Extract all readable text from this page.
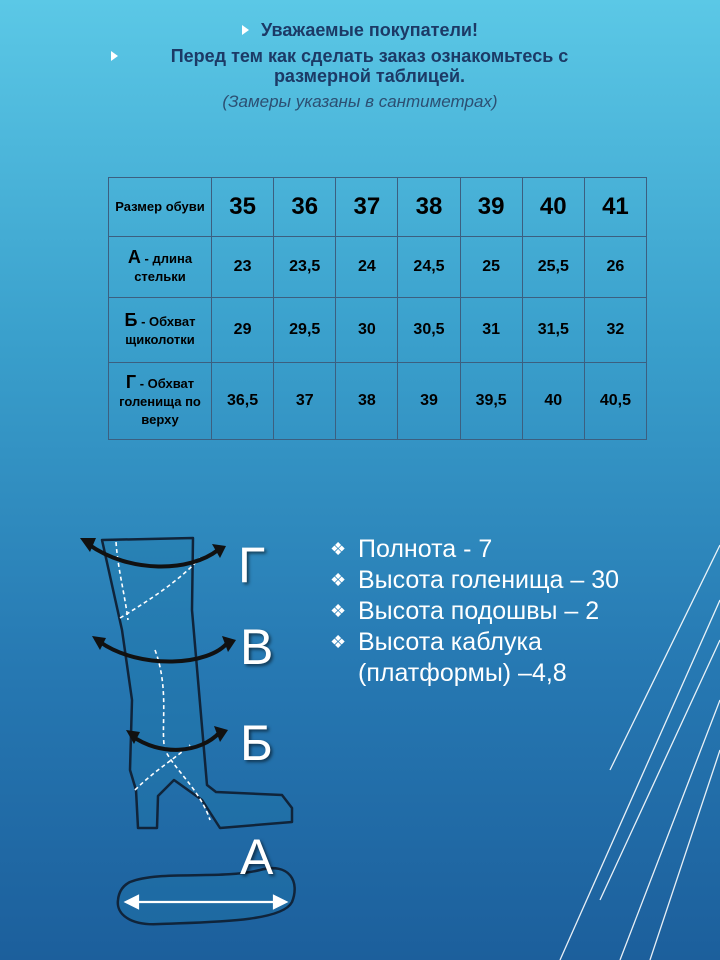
Уважаемые покупатели!
Перед тем как сделать заказ ознакомьтесь с размерной таблицей.
(Замеры указаны в сантиметрах)
Размер обуви	35	36	37	38	39	40	41
А - длина стельки	23	23,5	24	24,5	25	25,5	26
Б - Обхват щиколотки	29	29,5	30	30,5	31	31,5	32
Г - Обхват голенища по верху	36,5	37	38	39	39,5	40	40,5
Г
В
Б
А
❖ Полнота - 7
❖ Высота голенища – 30
❖ Высота подошвы – 2
❖ Высота каблука
(платформы) –4,8
